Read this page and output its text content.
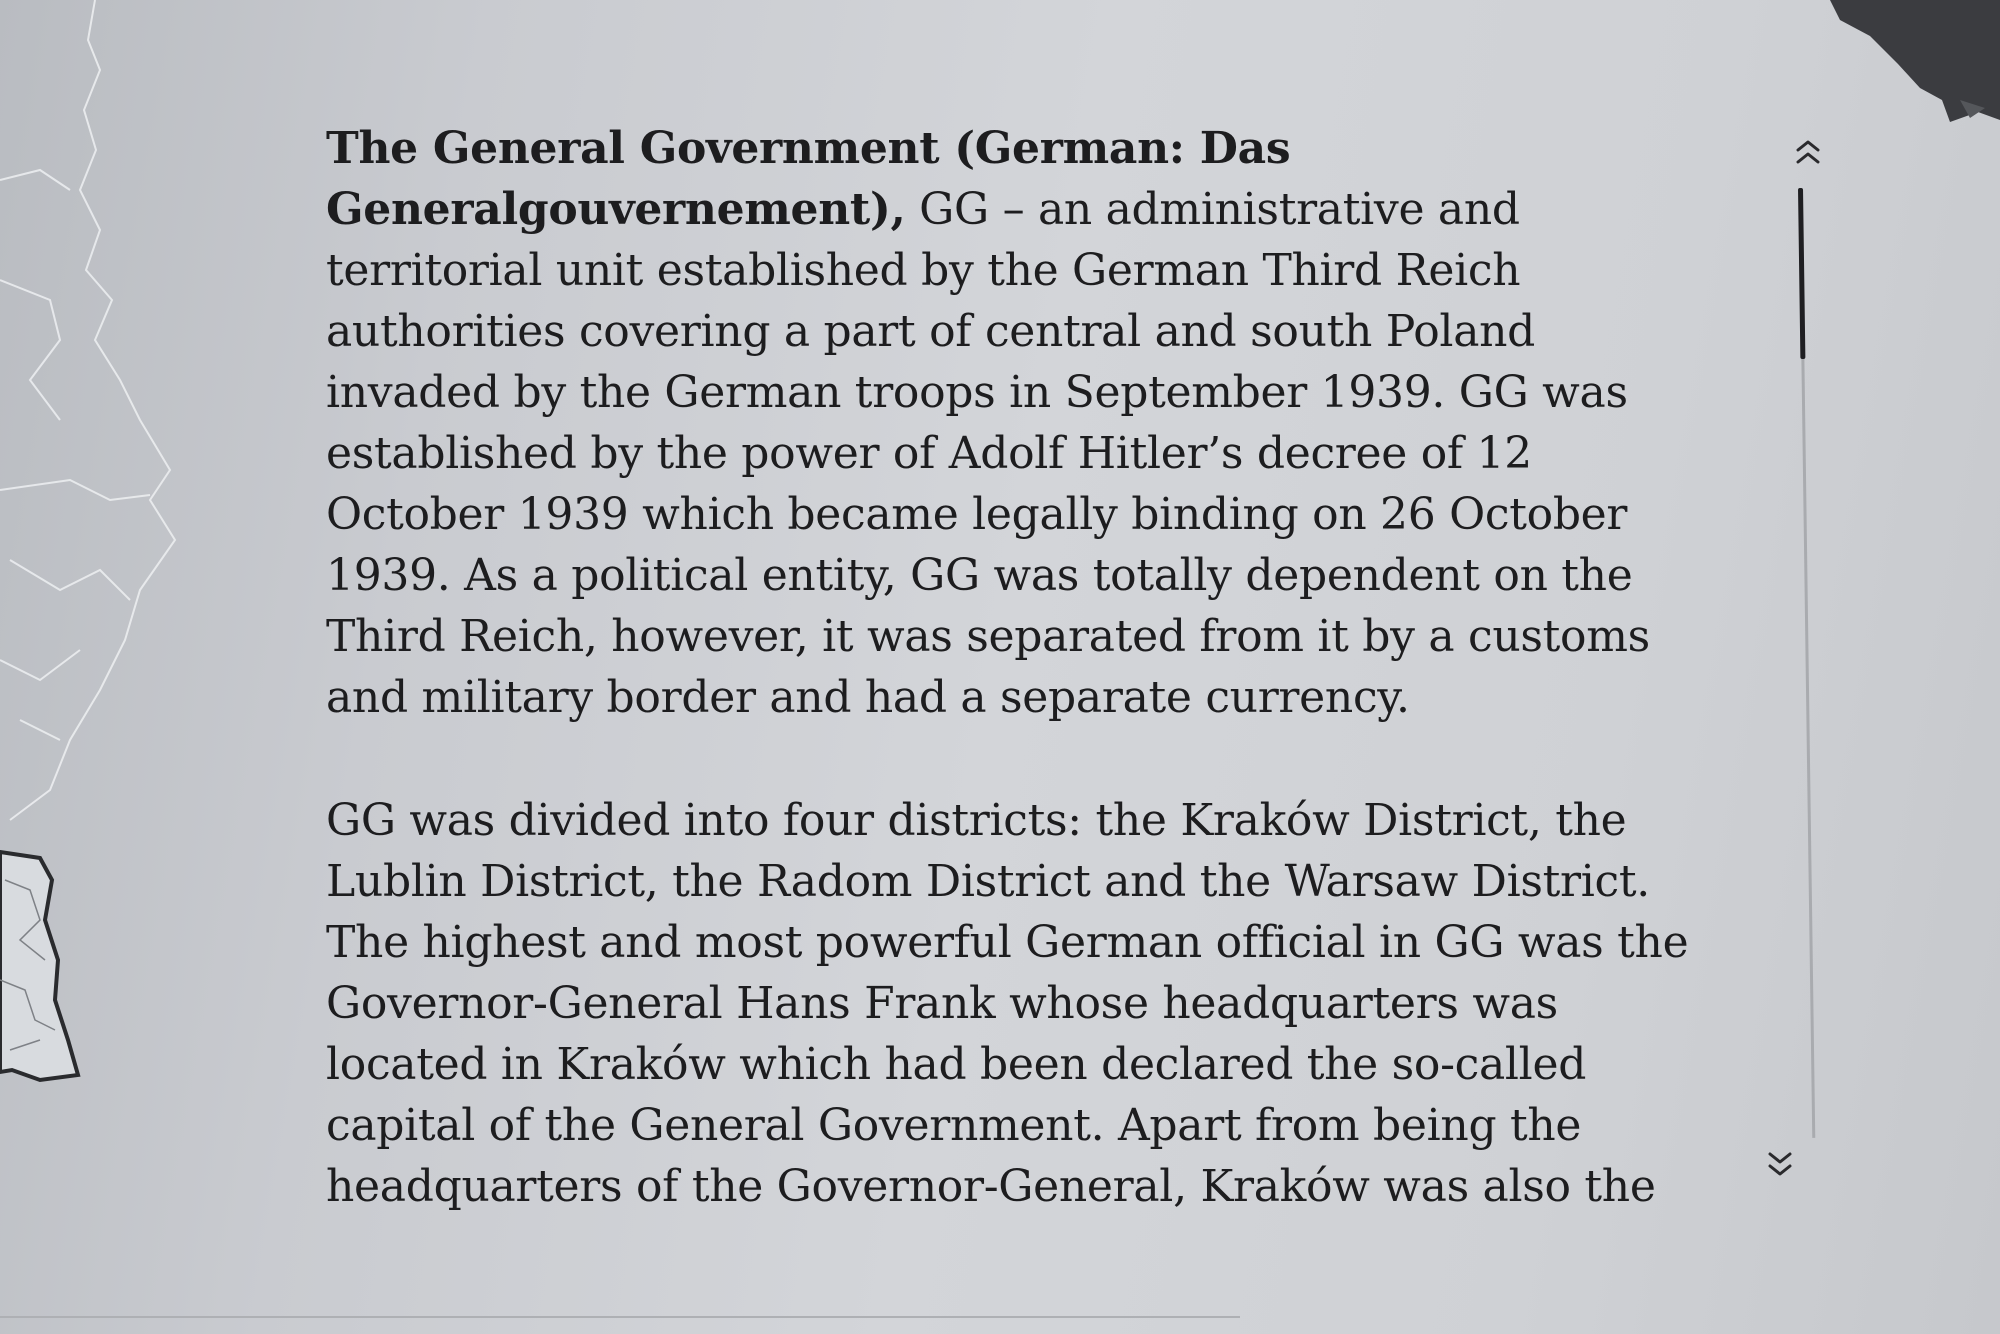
The General Government (German: Das Generalgouvernement), GG – an administrative and territorial unit established by the German Third Reich authorities covering a part of central and south Poland invaded by the German troops in September 1939. GG was established by the power of Adolf Hitler’s decree of 12 October 1939 which became legally binding on 26 October 1939. As a political entity, GG was totally dependent on the Third Reich, however, it was separated from it by a customs and military border and had a separate currency.

GG was divided into four districts: the Kraków District, the Lublin District, the Radom District and the Warsaw District. The highest and most powerful German official in GG was the Governor-General Hans Frank whose headquarters was located in Kraków which had been declared the so-called capital of the General Government. Apart from being the headquarters of the Governor-General, Kraków was also the
